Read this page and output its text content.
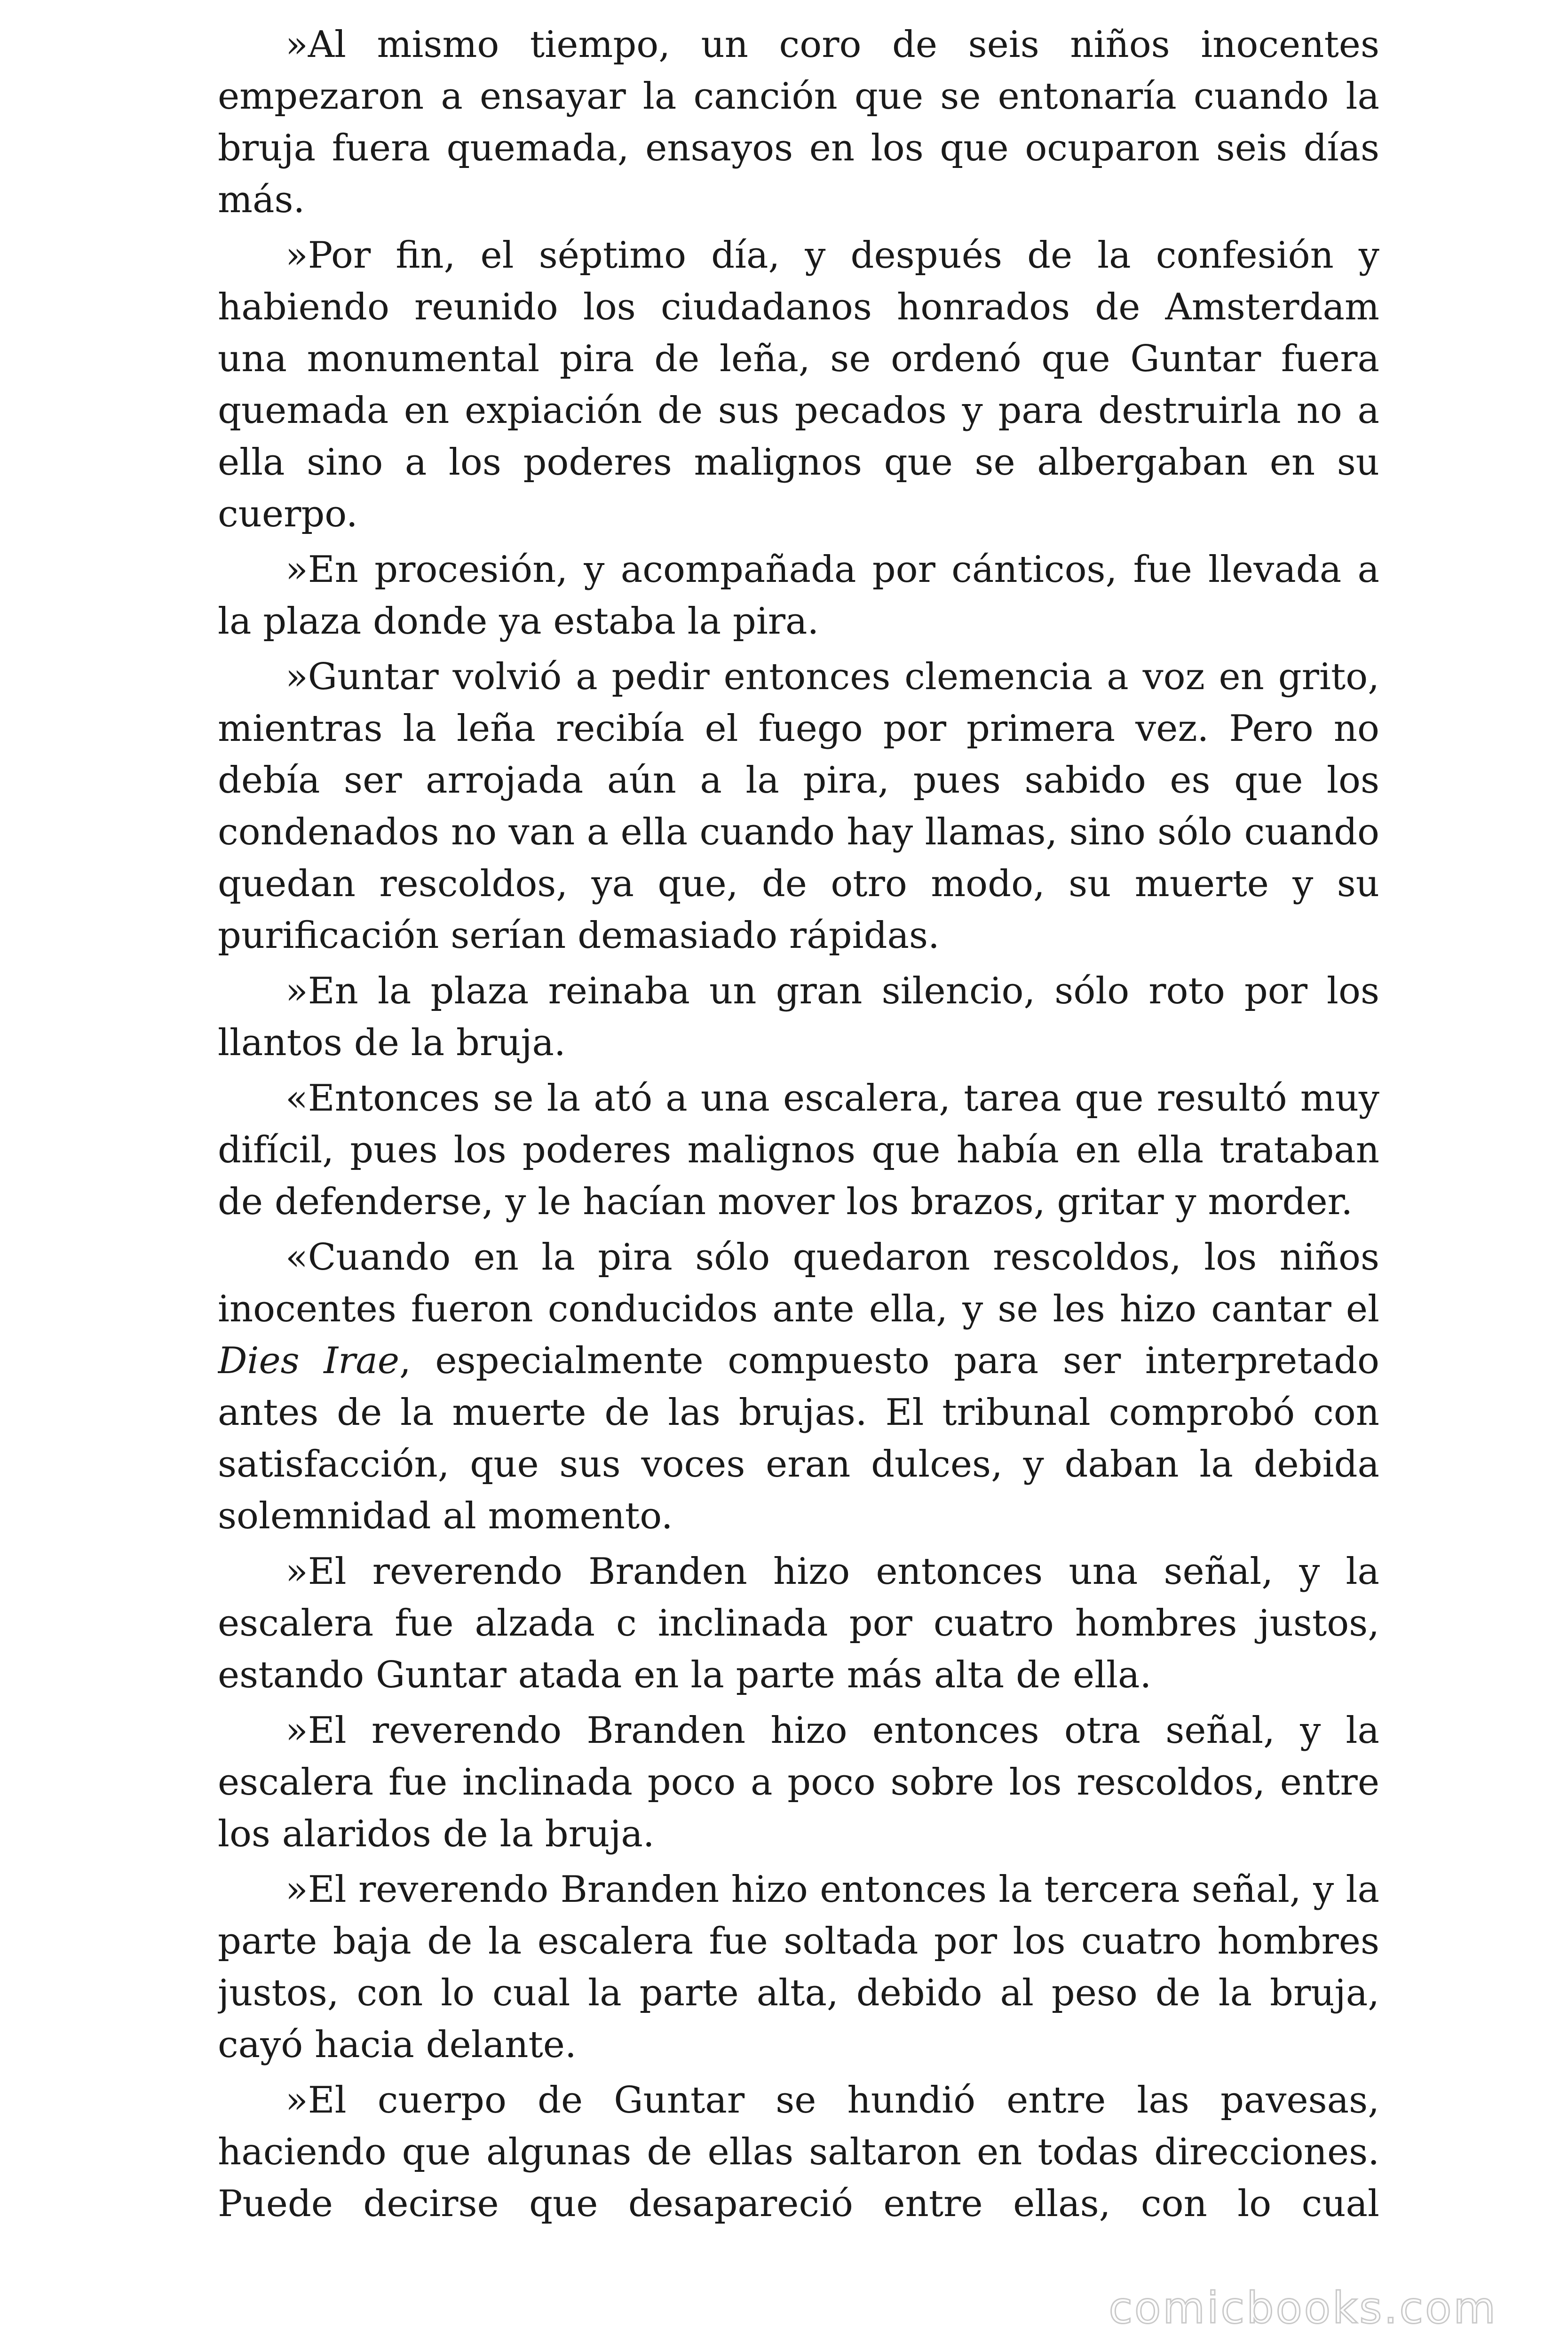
»Al mismo tiempo, un coro de seis niños inocentes empezaron a ensayar la canción que se entonaría cuando la bruja fuera quemada, ensayos en los que ocuparon seis días más.

»Por fin, el séptimo día, y después de la confesión y habiendo reunido los ciudadanos honrados de Amsterdam una monumental pira de leña, se ordenó que Guntar fuera quemada en expiación de sus pecados y para destruirla no a ella sino a los poderes malignos que se albergaban en su cuerpo.

»En procesión, y acompañada por cánticos, fue llevada a la plaza donde ya estaba la pira.

»Guntar volvió a pedir entonces clemencia a voz en grito, mientras la leña recibía el fuego por primera vez. Pero no debía ser arrojada aún a la pira, pues sabido es que los condenados no van a ella cuando hay llamas, sino sólo cuando quedan rescoldos, ya que, de otro modo, su muerte y su purificación serían demasiado rápidas.

»En la plaza reinaba un gran silencio, sólo roto por los llantos de la bruja.

«Entonces se la ató a una escalera, tarea que resultó muy difícil, pues los poderes malignos que había en ella trataban de defenderse, y le hacían mover los brazos, gritar y morder.

«Cuando en la pira sólo quedaron rescoldos, los niños inocentes fueron conducidos ante ella, y se les hizo cantar el Dies Irae, especialmente compuesto para ser interpretado antes de la muerte de las brujas. El tribunal comprobó con satisfacción, que sus voces eran dulces, y daban la debida solemnidad al momento.

»El reverendo Branden hizo entonces una señal, y la escalera fue alzada c inclinada por cuatro hombres justos, estando Guntar atada en la parte más alta de ella.

»El reverendo Branden hizo entonces otra señal, y la escalera fue inclinada poco a poco sobre los rescoldos, entre los alaridos de la bruja.

»El reverendo Branden hizo entonces la tercera señal, y la parte baja de la escalera fue soltada por los cuatro hombres justos, con lo cual la parte alta, debido al peso de la bruja, cayó hacia delante.

»El cuerpo de Guntar se hundió entre las pavesas, haciendo que algunas de ellas saltaron en todas direcciones. Puede decirse que desapareció entre ellas, con lo cual

comicbooks.com
